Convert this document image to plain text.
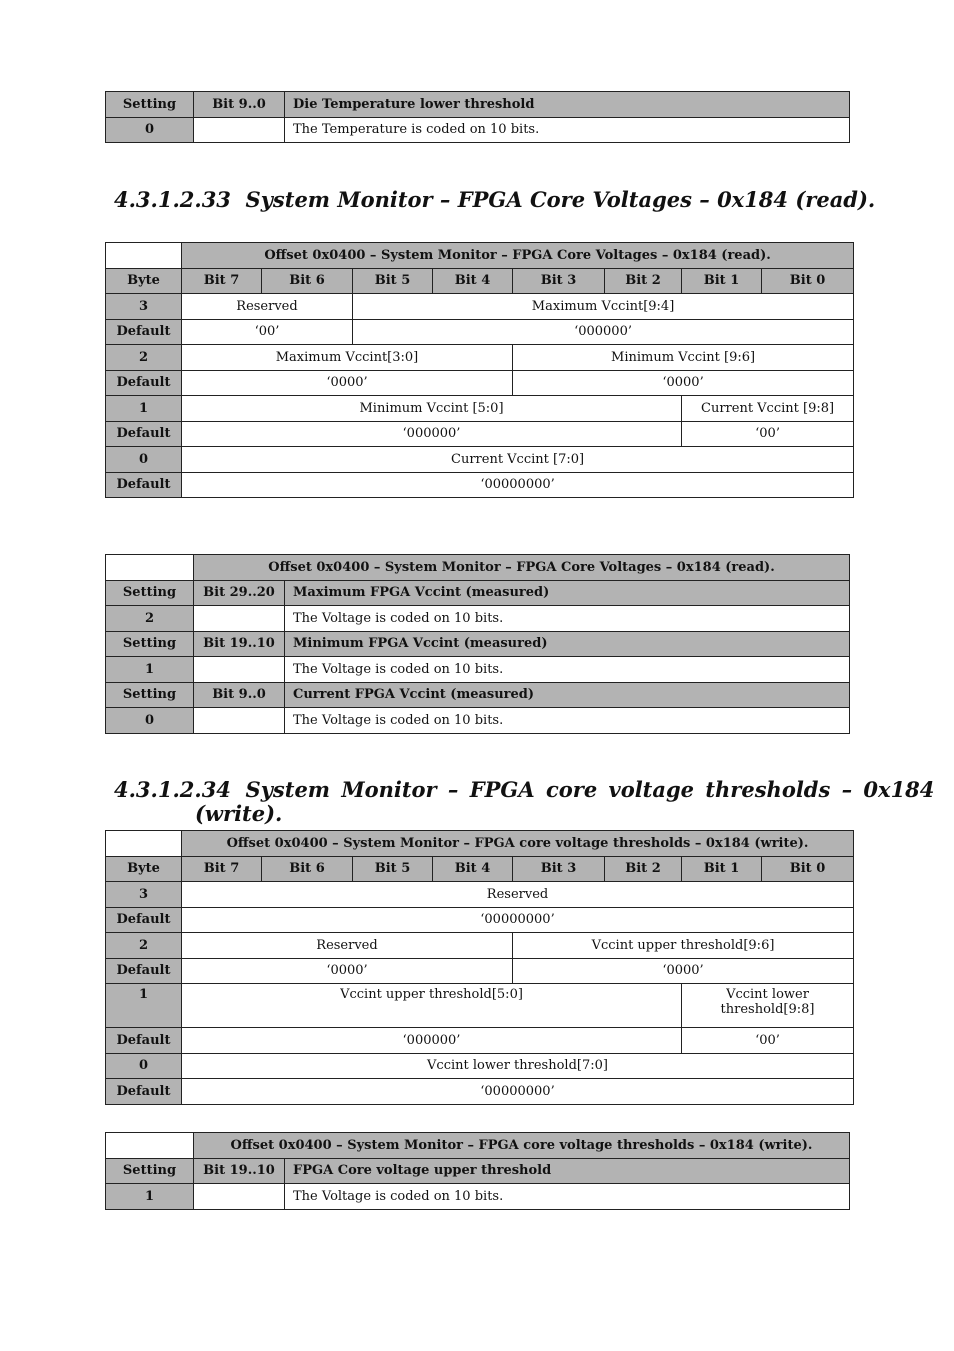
Setting	Bit 9..0	Die Temperature lower threshold
0		The Temperature is coded on 10 bits.
4.3.1.2.33 System Monitor – FPGA Core Voltages – 0x184 (read).
	Offset 0x0400 – System Monitor – FPGA Core Voltages – 0x184 (read).							
Byte	Bit 7	Bit 6	Bit 5	Bit 4	Bit 3	Bit 2	Bit 1	Bit 0
3	Reserved		Maximum Vccint[9:4]					
Default	‘00’		‘000000’					
2	Maximum Vccint[3:0]				Minimum Vccint [9:6]			
Default	‘0000’				‘0000’			
1	Minimum Vccint [5:0]						Current Vccint [9:8]	
Default	‘000000’						‘00’	
0	Current Vccint [7:0]							
Default	‘00000000’							
	Offset 0x0400 – System Monitor – FPGA Core Voltages – 0x184 (read).	
Setting	Bit 29..20	Maximum FPGA Vccint (measured)
2		The Voltage is coded on 10 bits.
Setting	Bit 19..10	Minimum FPGA Vccint (measured)
1		The Voltage is coded on 10 bits.
Setting	Bit 9..0	Current FPGA Vccint (measured)
0		The Voltage is coded on 10 bits.
4.3.1.2.34 System Monitor – FPGA core voltage thresholds – 0x184
(write).
	Offset 0x0400 – System Monitor – FPGA core voltage thresholds – 0x184 (write).							
Byte	Bit 7	Bit 6	Bit 5	Bit 4	Bit 3	Bit 2	Bit 1	Bit 0
3	Reserved							
Default	‘00000000’							
2	Reserved				Vccint upper threshold[9:6]			
Default	‘0000’				‘0000’			
1	Vccint upper threshold[5:0]						Vccint lower threshold[9:8]	
Default	‘000000’						‘00’	
0	Vccint lower threshold[7:0]							
Default	‘00000000’							
	Offset 0x0400 – System Monitor – FPGA core voltage thresholds – 0x184 (write).	
Setting	Bit 19..10	FPGA Core voltage upper threshold
1		The Voltage is coded on 10 bits.
